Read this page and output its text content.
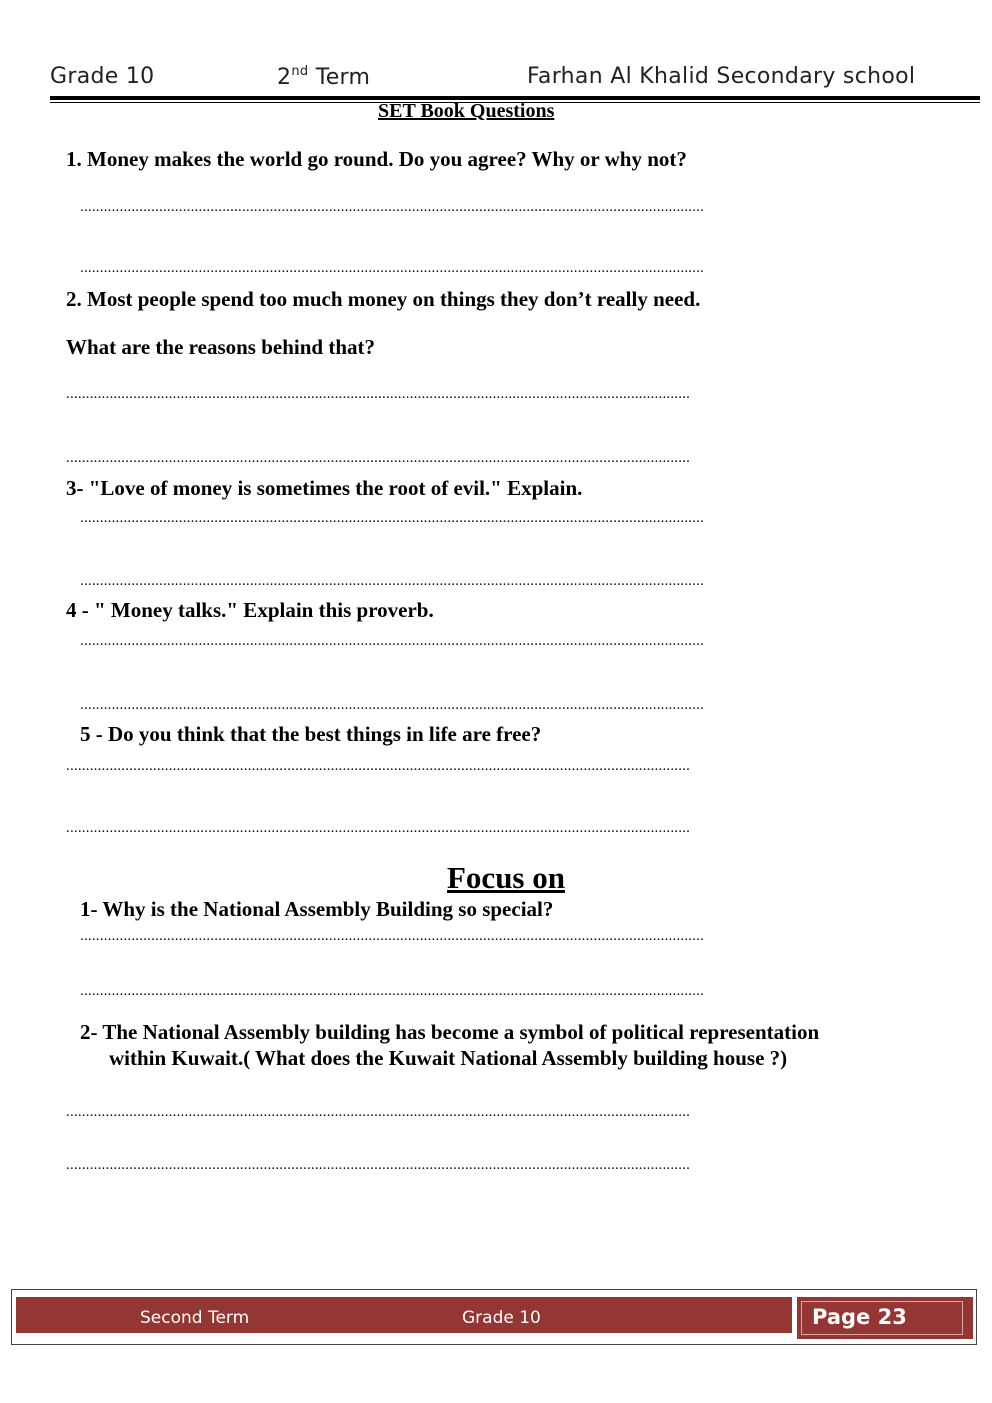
Grade 10	2nd Term	Farhan Al Khalid Secondary school
SET Book Questions
1. Money makes the world go round. Do you agree? Why or why not?
..............................................................................................................................................................
..............................................................................................................................................................
2. Most people spend too much money on things they don’t really need.
What are the reasons behind that?
..............................................................................................................................................................
..............................................................................................................................................................
3- "Love of money is sometimes the root of evil." Explain.
..............................................................................................................................................................
..............................................................................................................................................................
4 - " Money talks." Explain this proverb.
..............................................................................................................................................................
..............................................................................................................................................................
5 - Do you think that the best things in life are free?
..............................................................................................................................................................
..............................................................................................................................................................
Focus on
1- Why is the National Assembly Building so special?
..............................................................................................................................................................
..............................................................................................................................................................
2- The National Assembly building has become a symbol of political representation
within Kuwait.( What does the Kuwait National Assembly building house ?)
..............................................................................................................................................................
..............................................................................................................................................................
Second Term	Grade 10	Page 23
